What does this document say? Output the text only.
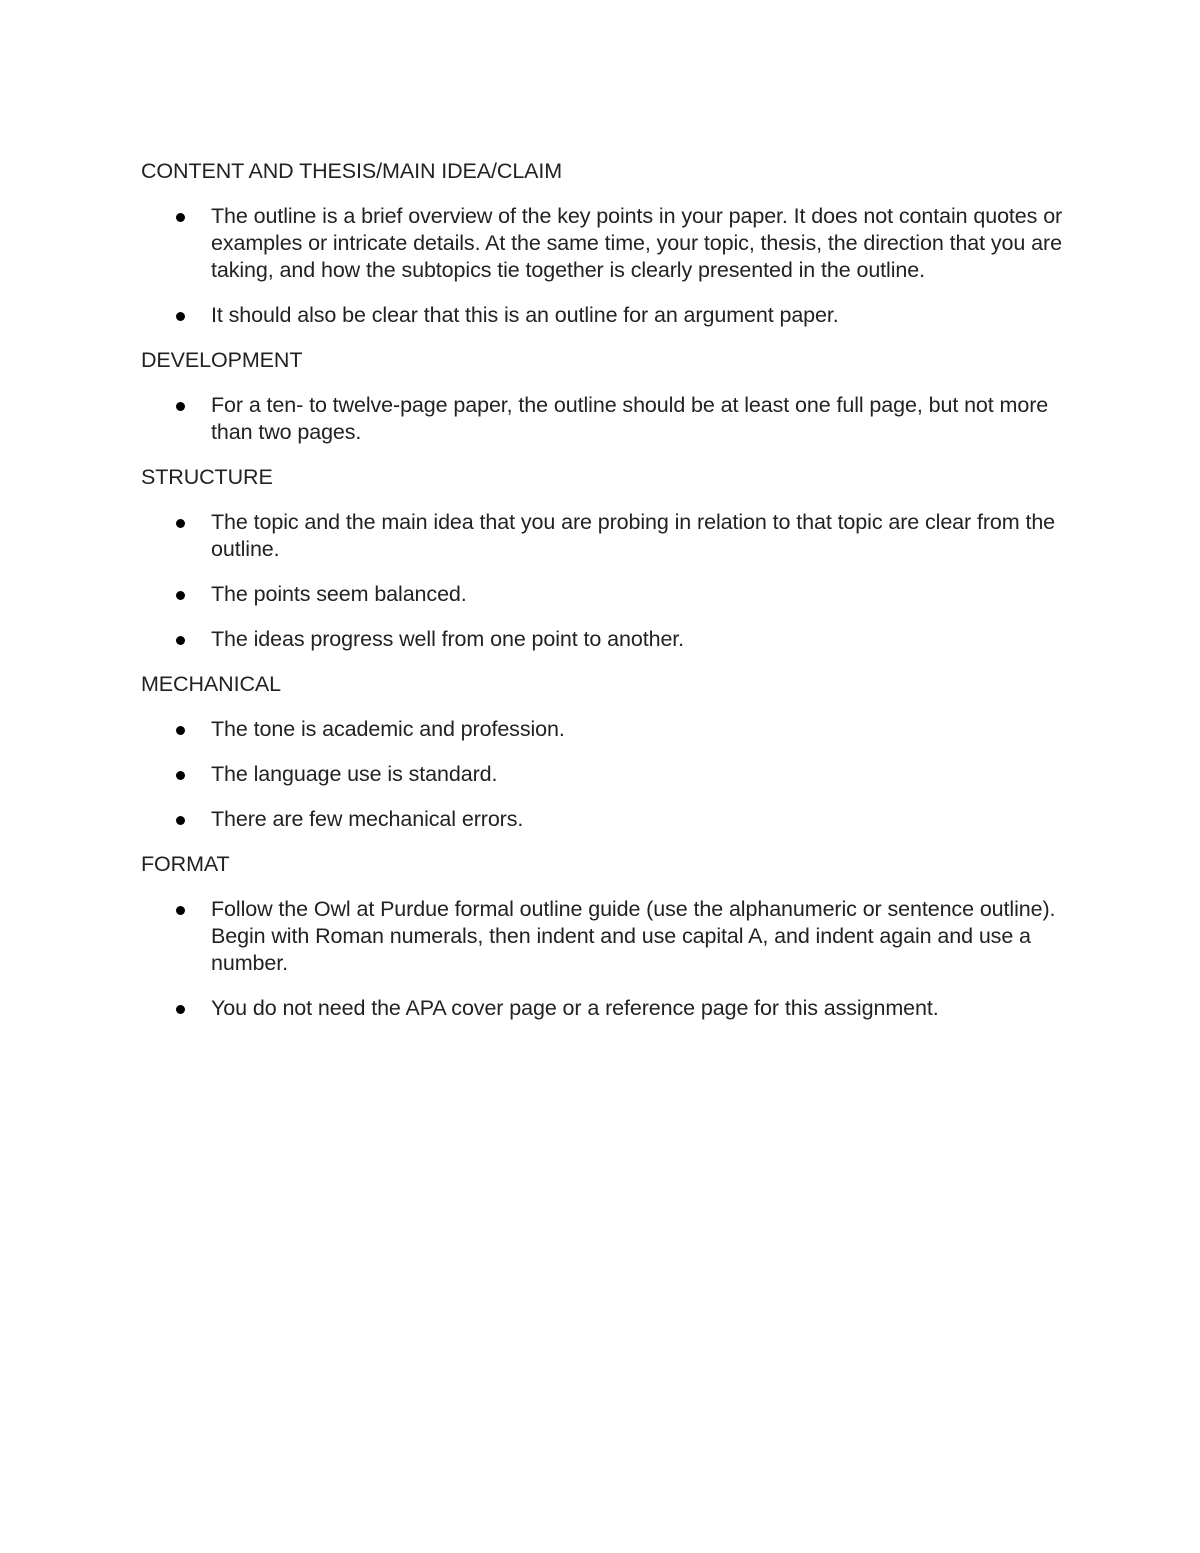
CONTENT AND THESIS/MAIN IDEA/CLAIM
The outline is a brief overview of the key points in your paper. It does not contain quotes or examples or intricate details. At the same time, your topic, thesis, the direction that you are taking, and how the subtopics tie together is clearly presented in the outline.
It should also be clear that this is an outline for an argument paper.
DEVELOPMENT
For a ten- to twelve-page paper, the outline should be at least one full page, but not more than two pages.
STRUCTURE
The topic and the main idea that you are probing in relation to that topic are clear from the outline.
The points seem balanced.
The ideas progress well from one point to another.
MECHANICAL
The tone is academic and profession.
The language use is standard.
There are few mechanical errors.
FORMAT
Follow the Owl at Purdue formal outline guide (use the alphanumeric or sentence outline). Begin with Roman numerals, then indent and use capital A, and indent again and use a number.
You do not need the APA cover page or a reference page for this assignment.
